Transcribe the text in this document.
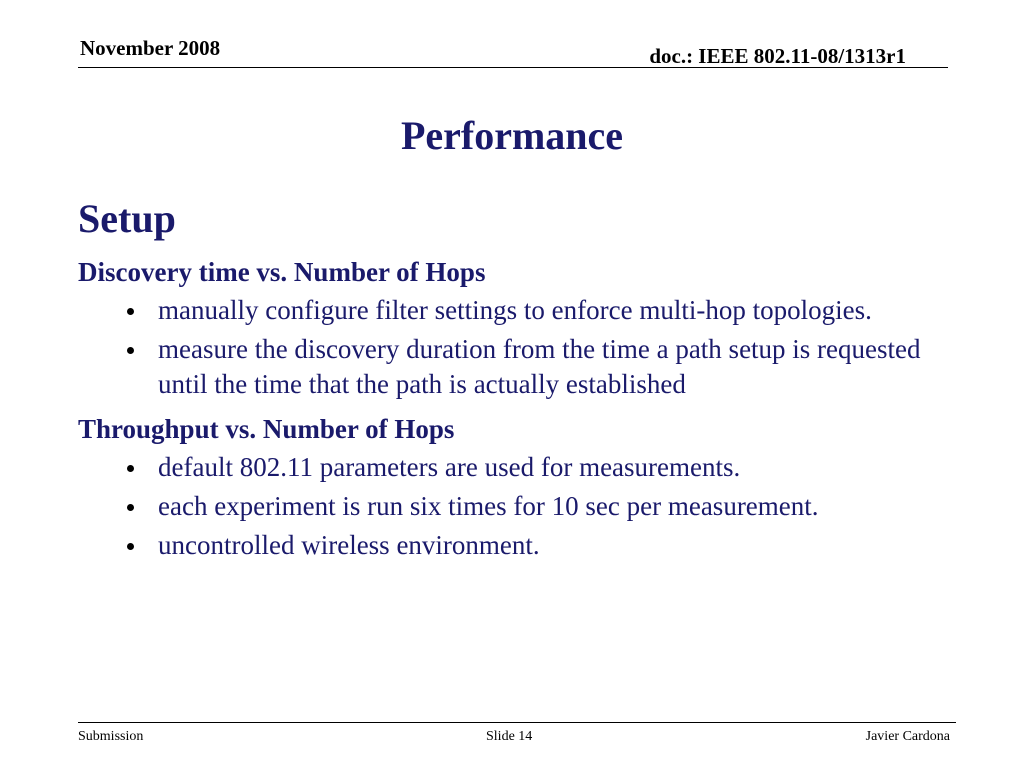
November 2008	doc.: IEEE 802.11-08/1313r1
Performance
Setup
Discovery time vs. Number of Hops
manually configure filter settings to enforce multi-hop topologies.
measure the discovery duration from the time a path setup is requested until the time that the path is actually established
Throughput vs. Number of Hops
default 802.11 parameters are used for measurements.
each experiment is run six times for 10 sec per measurement.
uncontrolled wireless environment.
Submission	Slide 14	Javier Cardona
